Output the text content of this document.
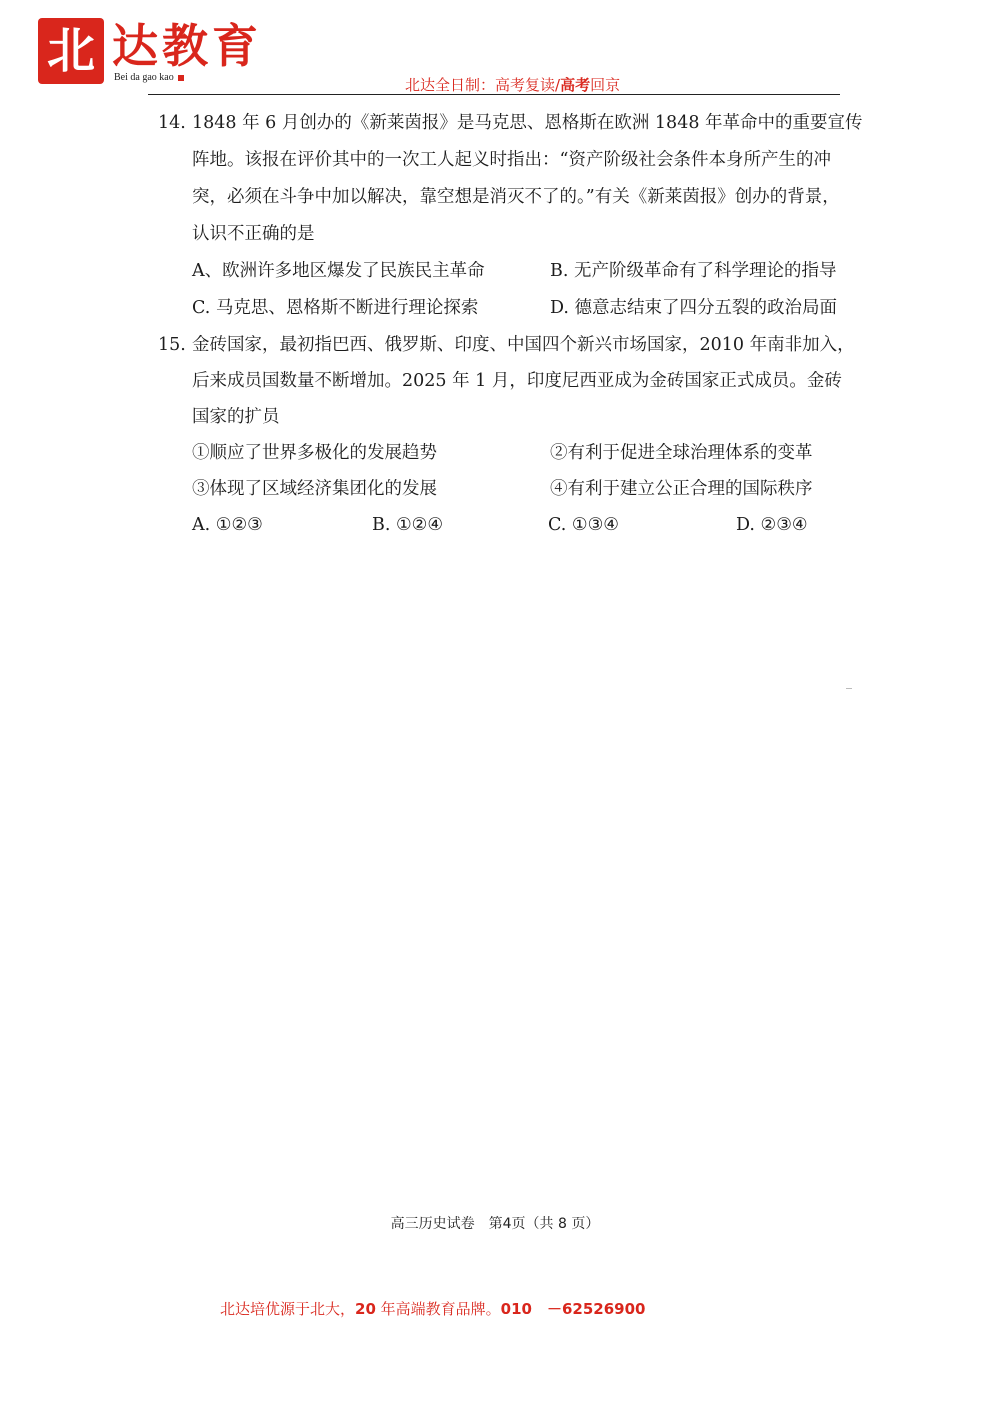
北 达教育
Bei da gao kao	北达全日制：高考复读/高考回京
14. 1848 年 6 月创办的《新莱茵报》是马克思、恩格斯在欧洲 1848 年革命中的重要宣传
阵地。该报在评价其中的一次工人起义时指出：“资产阶级社会条件本身所产生的冲
突，必须在斗争中加以解决，靠空想是消灭不了的。”有关《新莱茵报》创办的背景，
认识不正确的是
A、欧洲许多地区爆发了民族民主革命	B. 无产阶级革命有了科学理论的指导
C. 马克思、恩格斯不断进行理论探索	D. 德意志结束了四分五裂的政治局面
15. 金砖国家，最初指巴西、俄罗斯、印度、中国四个新兴市场国家，2010 年南非加入，
后来成员国数量不断增加。2025 年 1 月，印度尼西亚成为金砖国家正式成员。金砖
国家的扩员
①顺应了世界多极化的发展趋势	②有利于促进全球治理体系的变革
③体现了区域经济集团化的发展	④有利于建立公正合理的国际秩序
A. ①②③	B. ①②④	C. ①③④	D. ②③④
高三历史试卷　第4页（共 8 页）
北达培优源于北大，20 年高端教育品牌。010　－62526900
